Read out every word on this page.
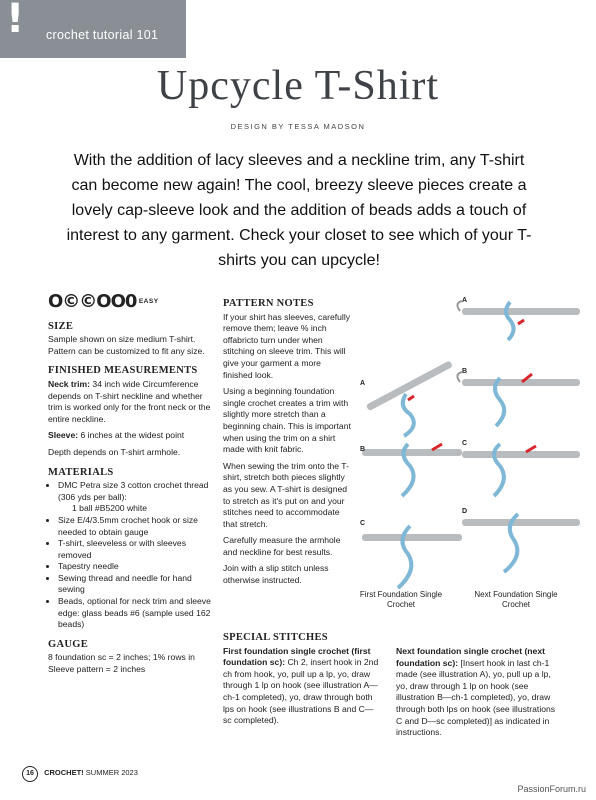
! crochet tutorial 101
Upcycle T-Shirt
DESIGN BY TESSA MADSON
With the addition of lacy sleeves and a neckline trim, any T-shirt can become new again! The cool, breezy sleeve pieces create a lovely cap-sleeve look and the addition of beads adds a touch of interest to any garment. Check your closet to see which of your T-shirts you can upcycle!
O©©OO0 $^{EASY}$
SIZE

Sample shown on size medium T-shirt. Pattern can be customized to fit any size.

FINISHED MEASUREMENTS

Neck trim: 34 inch wide Circumference depends on T-shirt neckline and whether trim is worked only for the front neck or the entire neckline.

Sleeve: 6 inches at the widest point

Depth depends on T-shirt armhole.

MATERIALS
• DMC Petra size 3 cotton crochet thread (306 yds per ball):
1 ball #B5200 white
• Size E/4/3.5mm crochet hook or size needed to obtain gauge
• T-shirt, sleeveless or with sleeves removed
• Tapestry needle
• Sewing thread and needle for hand sewing
• Beads, optional for neck trim and sleeve edge: glass beads #6 (sample used 162 beads)
GAUGE

8 foundation sc = 2 inches; 1% rows in Sleeve pattern = 2 inches

PATTERN NOTES

If your shirt has sleeves, carefully remove them; leave % inch offabricto turn under when stitching on sleeve trim. This will give your garment a more finished look.

Using a beginning foundation single crochet creates a trim with slightly more stretch than a beginning chain. This is important when using the trim on a shirt made with knit fabric.

When sewing the trim onto the T-shirt, stretch both pieces slightly as you sew. A T-shirt is designed to stretch as it's put on and your stitches need to accommodate that stretch.

Carefully measure the armhole and neckline for best results.

Join with a slip stitch unless otherwise instructed.

SPECIAL STITCHES

First foundation single crochet (first foundation sc): Ch 2, insert hook in 2nd ch from hook, yo, pull up a lp, yo, draw through 1 lp on hook (see illustration A—ch-1 completed), yo, draw through both lps on hook (see illustrations B and C—sc completed).

Next foundation single crochet (next foundation sc): [Insert hook in last ch-1 made (see illustration A), yo, pull up a lp, yo, draw through 1 lp on hook (see illustration B—ch-1 completed), yo, draw through both lps on hook (see illustrations C and D—sc completed)] as indicated in instructions.

A
B
C
D
A
B
C
First Foundation Single Crochet
Next Foundation Single Crochet
16 CROCHET! SUMMER 2023
PassionForum.ru
